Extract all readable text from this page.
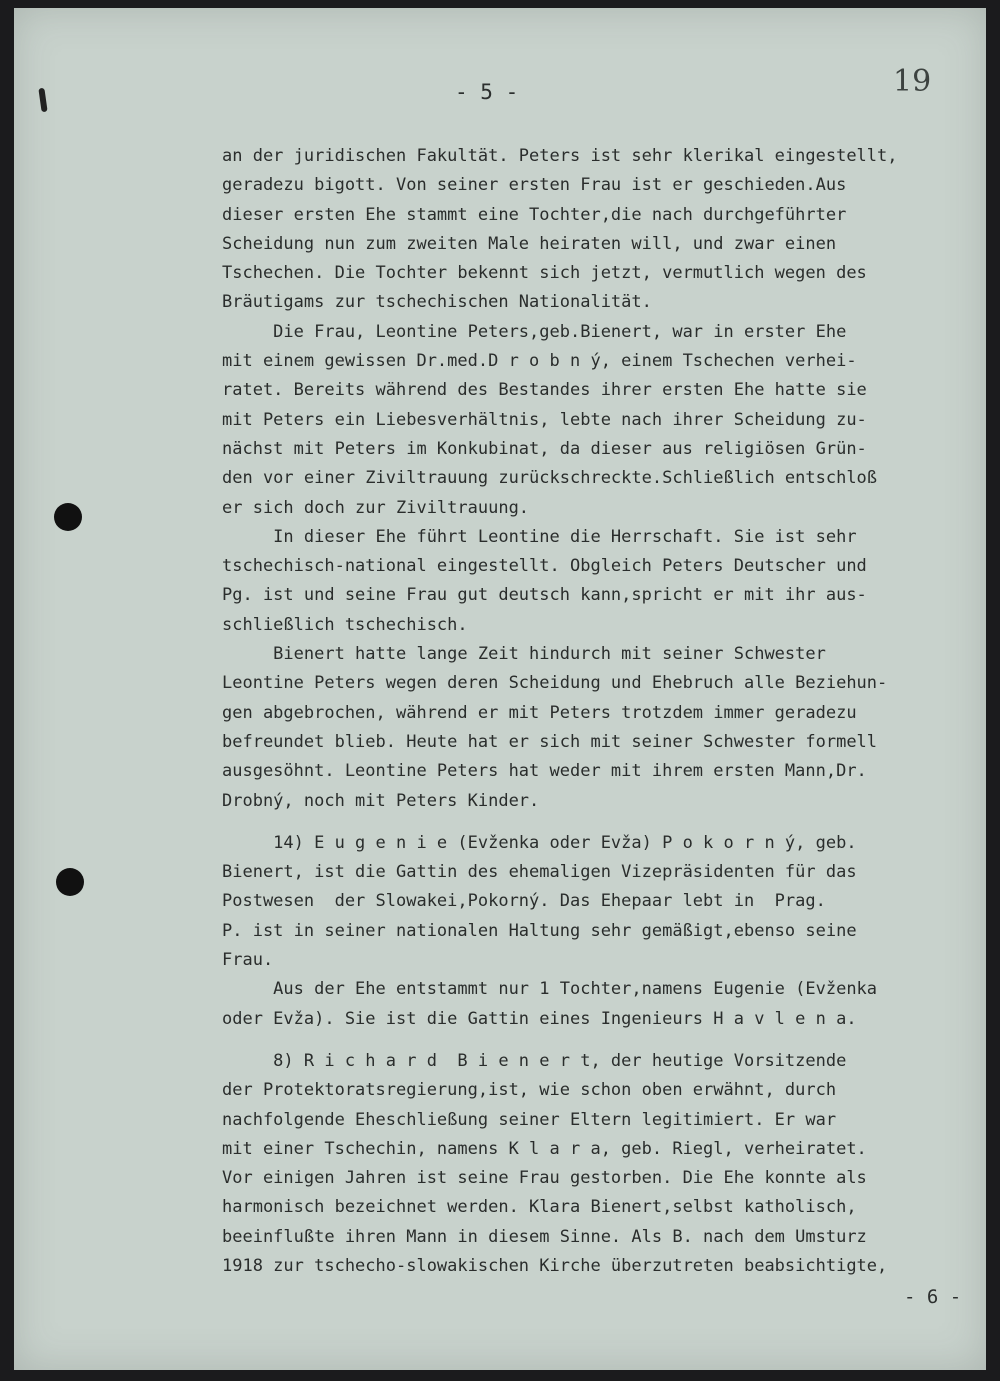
- 5 -	19
an der juridischen Fakultät. Peters ist sehr klerikal eingestellt,
geradezu bigott. Von seiner ersten Frau ist er geschieden.Aus
dieser ersten Ehe stammt eine Tochter,die nach durchgeführter
Scheidung nun zum zweiten Male heiraten will, und zwar einen
Tschechen. Die Tochter bekennt sich jetzt, vermutlich wegen des
Bräutigams zur tschechischen Nationalität.
Die Frau, Leontine Peters,geb.Bienert, war in erster Ehe
mit einem gewissen Dr.med.D r o b n ý, einem Tschechen verhei-
ratet. Bereits während des Bestandes ihrer ersten Ehe hatte sie
mit Peters ein Liebesverhältnis, lebte nach ihrer Scheidung zu-
nächst mit Peters im Konkubinat, da dieser aus religiösen Grün-
den vor einer Ziviltrauung zurückschreckte.Schließlich entschloß
er sich doch zur Ziviltrauung.
In dieser Ehe führt Leontine die Herrschaft. Sie ist sehr
tschechisch-national eingestellt. Obgleich Peters Deutscher und
Pg. ist und seine Frau gut deutsch kann,spricht er mit ihr aus-
schließlich tschechisch.
Bienert hatte lange Zeit hindurch mit seiner Schwester
Leontine Peters wegen deren Scheidung und Ehebruch alle Beziehun-
gen abgebrochen, während er mit Peters trotzdem immer geradezu
befreundet blieb. Heute hat er sich mit seiner Schwester formell
ausgesöhnt. Leontine Peters hat weder mit ihrem ersten Mann,Dr.
Drobný, noch mit Peters Kinder.
14) E u g e n i e (Evženka oder Evža) P o k o r n ý, geb.
Bienert, ist die Gattin des ehemaligen Vizepräsidenten für das
Postwesen  der Slowakei,Pokorný. Das Ehepaar lebt in  Prag.
P. ist in seiner nationalen Haltung sehr gemäßigt,ebenso seine
Frau.
Aus der Ehe entstammt nur 1 Tochter,namens Eugenie (Evženka
oder Evža). Sie ist die Gattin eines Ingenieurs H a v l e n a.
8) R i c h a r d  B i e n e r t, der heutige Vorsitzende
der Protektoratsregierung,ist, wie schon oben erwähnt, durch
nachfolgende Eheschließung seiner Eltern legitimiert. Er war
mit einer Tschechin, namens K l a r a, geb. Riegl, verheiratet.
Vor einigen Jahren ist seine Frau gestorben. Die Ehe konnte als
harmonisch bezeichnet werden. Klara Bienert,selbst katholisch,
beeinflußte ihren Mann in diesem Sinne. Als B. nach dem Umsturz
1918 zur tschecho-slowakischen Kirche überzutreten beabsichtigte,
- 6 -
